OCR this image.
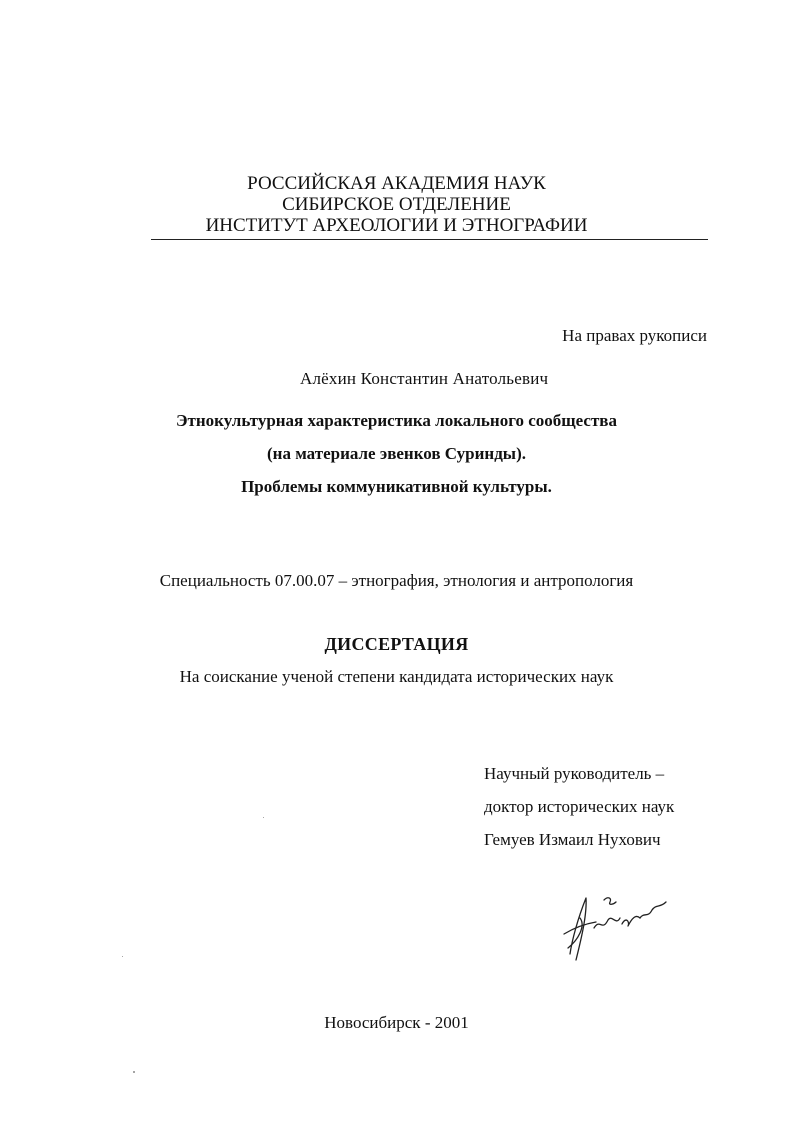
РОССИЙСКАЯ АКАДЕМИЯ НАУК
СИБИРСКОЕ ОТДЕЛЕНИЕ
ИНСТИТУТ АРХЕОЛОГИИ И ЭТНОГРАФИИ
На правах рукописи
Алёхин Константин Анатольевич
Этнокультурная характеристика локального сообщества
(на материале эвенков Суринды).
Проблемы коммуникативной культуры.
Специальность 07.00.07 – этнография, этнология и антропология
ДИССЕРТАЦИЯ
На соискание ученой степени кандидата исторических наук
Научный руководитель –
доктор исторических наук
Гемуев Измаил Нухович
Новосибирск - 2001
